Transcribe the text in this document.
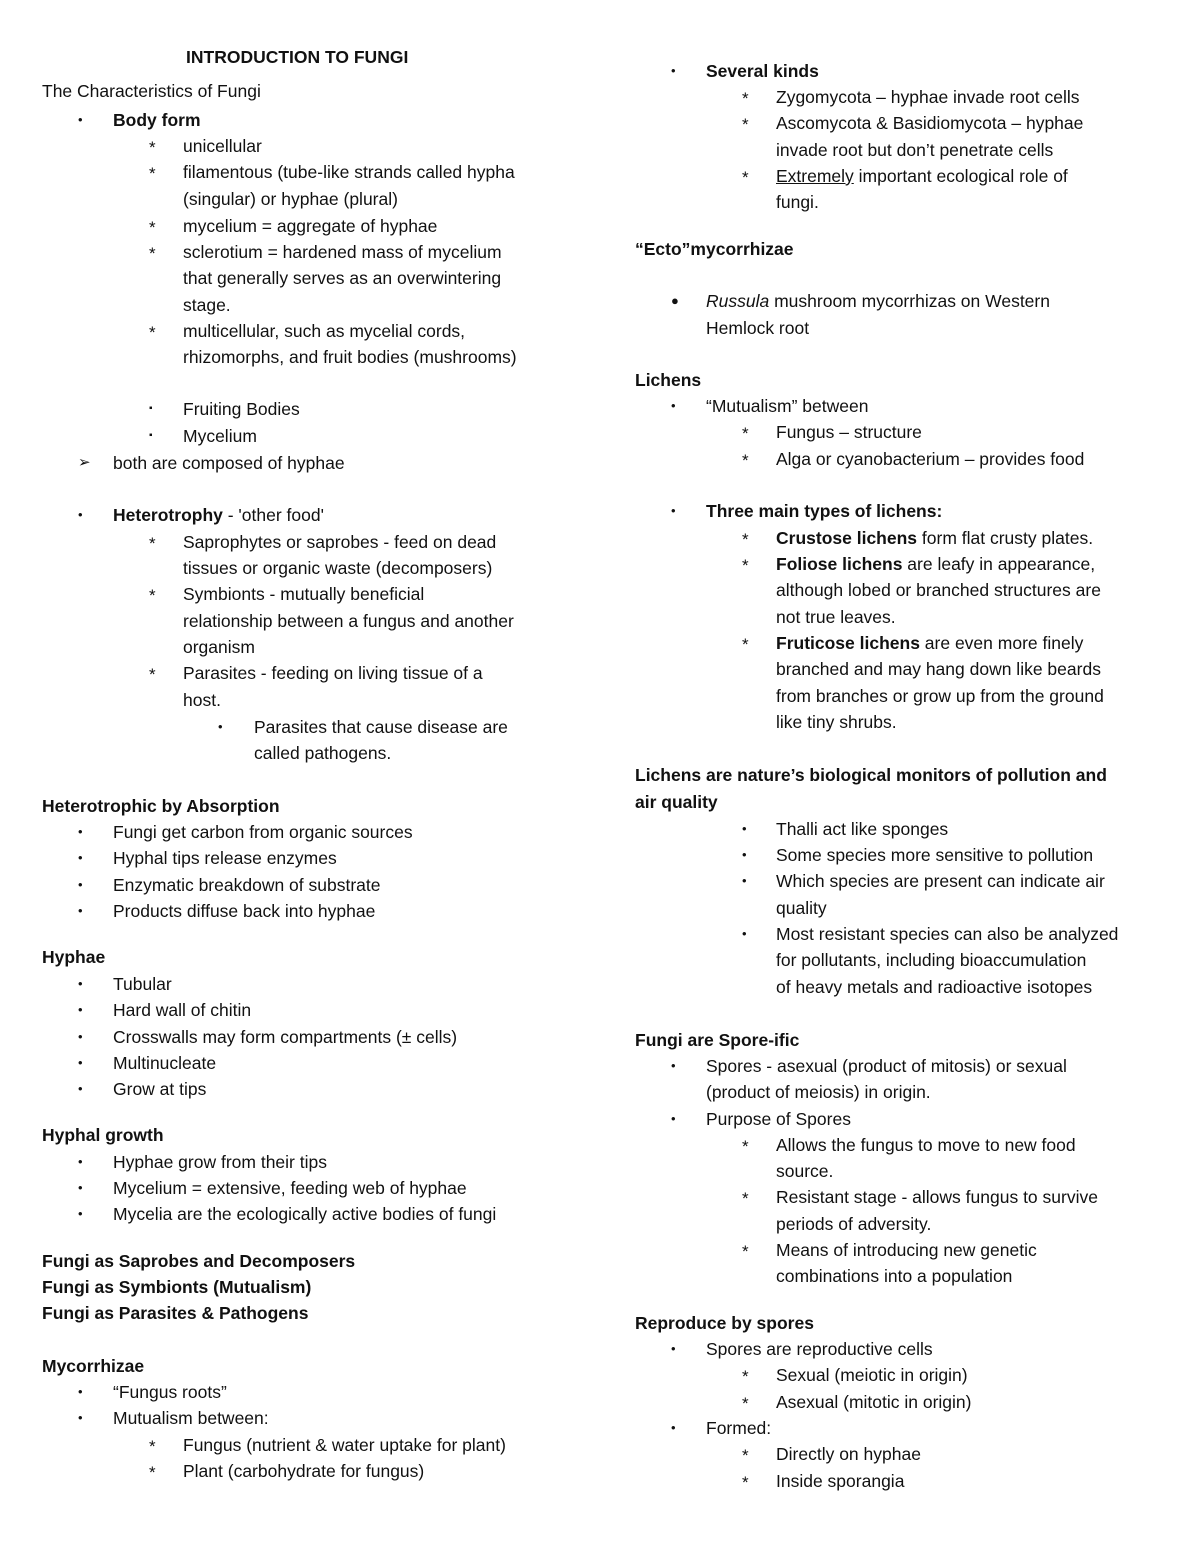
INTRODUCTION TO FUNGI
The Characteristics of Fungi
• Body form
* unicellular
* filamentous (tube-like strands called hypha
(singular) or hyphae (plural)
* mycelium = aggregate of hyphae
* sclerotium = hardened mass of mycelium
that generally serves as an overwintering
stage.
* multicellular, such as mycelial cords,
rhizomorphs, and fruit bodies (mushrooms)
▪ Fruiting Bodies
▪ Mycelium
➢ both are composed of hyphae
• Heterotrophy - 'other food'
* Saprophytes or saprobes - feed on dead
tissues or organic waste (decomposers)
* Symbionts - mutually beneficial
relationship between a fungus and another
organism
* Parasites - feeding on living tissue of a
host.
• Parasites that cause disease are
called pathogens.
Heterotrophic by Absorption
• Fungi get carbon from organic sources
• Hyphal tips release enzymes
• Enzymatic breakdown of substrate
• Products diffuse back into hyphae
Hyphae
• Tubular
• Hard wall of chitin
• Crosswalls may form compartments (± cells)
• Multinucleate
• Grow at tips
Hyphal growth
• Hyphae grow from their tips
• Mycelium = extensive, feeding web of hyphae
• Mycelia are the ecologically active bodies of fungi
Fungi as Saprobes and Decomposers
Fungi as Symbionts (Mutualism)
Fungi as Parasites & Pathogens
Mycorrhizae
• “Fungus roots”
• Mutualism between:
* Fungus (nutrient & water uptake for plant)
* Plant (carbohydrate for fungus)
• Several kinds
* Zygomycota – hyphae invade root cells
* Ascomycota & Basidiomycota – hyphae
invade root but don’t penetrate cells
* Extremely important ecological role of
fungi.
“Ecto”mycorrhizae
● Russula mushroom mycorrhizas on Western
Hemlock root
Lichens
• “Mutualism” between
* Fungus – structure
* Alga or cyanobacterium – provides food
• Three main types of lichens:
* Crustose lichens form flat crusty plates.
* Foliose lichens are leafy in appearance,
although lobed or branched structures are
not true leaves.
* Fruticose lichens are even more finely
branched and may hang down like beards
from branches or grow up from the ground
like tiny shrubs.
Lichens are nature’s biological monitors of pollution and
air quality
• Thalli act like sponges
• Some species more sensitive to pollution
• Which species are present can indicate air
quality
• Most resistant species can also be analyzed
for pollutants, including bioaccumulation
of heavy metals and radioactive isotopes
Fungi are Spore-ific
• Spores - asexual (product of mitosis) or sexual
(product of meiosis) in origin.
• Purpose of Spores
* Allows the fungus to move to new food
source.
* Resistant stage - allows fungus to survive
periods of adversity.
* Means of introducing new genetic
combinations into a population
Reproduce by spores
• Spores are reproductive cells
* Sexual (meiotic in origin)
* Asexual (mitotic in origin)
• Formed:
* Directly on hyphae
* Inside sporangia
